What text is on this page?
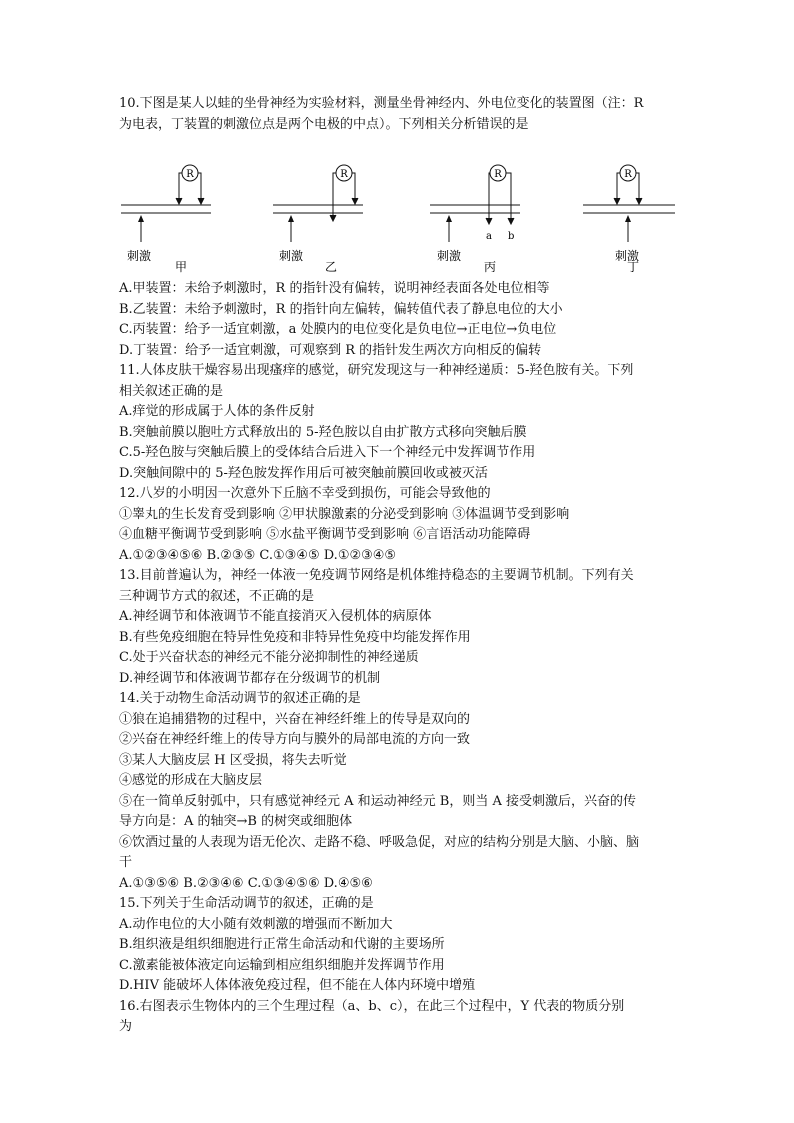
10.下图是某人以蛙的坐骨神经为实验材料，测量坐骨神经内、外电位变化的装置图（注：R
为电表，丁装置的刺激位点是两个电极的中点）。下列相关分析错误的是
R
刺激
甲
R
刺激
乙
R
a b
刺激
丙
R
刺激
丁
A.甲装置：未给予刺激时，R 的指针没有偏转，说明神经表面各处电位相等
B.乙装置：未给予刺激时，R 的指针向左偏转，偏转值代表了静息电位的大小
C.丙装置：给予一适宜刺激，a 处膜内的电位变化是负电位→正电位→负电位
D.丁装置：给予一适宜刺激，可观察到 R 的指针发生两次方向相反的偏转
11.人体皮肤干燥容易出现瘙痒的感觉，研究发现这与一种神经递质：5-羟色胺有关。下列
相关叙述正确的是
A.痒觉的形成属于人体的条件反射
B.突触前膜以胞吐方式释放出的 5-羟色胺以自由扩散方式移向突触后膜
C.5-羟色胺与突触后膜上的受体结合后进入下一个神经元中发挥调节作用
D.突触间隙中的 5-羟色胺发挥作用后可被突触前膜回收或被灭活
12.八岁的小明因一次意外下丘脑不幸受到损伤，可能会导致他的
①睾丸的生长发育受到影响 ②甲状腺激素的分泌受到影响 ③体温调节受到影响
④血糖平衡调节受到影响 ⑤水盐平衡调节受到影响 ⑥言语活动功能障碍
A.①②③④⑤⑥ B.②③⑤ C.①③④⑤ D.①②③④⑤
13.目前普遍认为，神经一体液一免疫调节网络是机体维持稳态的主要调节机制。下列有关
三种调节方式的叙述，不正确的是
A.神经调节和体液调节不能直接消灭入侵机体的病原体
B.有些免疫细胞在特异性免疫和非特异性免疫中均能发挥作用
C.处于兴奋状态的神经元不能分泌抑制性的神经递质
D.神经调节和体液调节都存在分级调节的机制
14.关于动物生命活动调节的叙述正确的是
①狼在追捕猎物的过程中，兴奋在神经纤维上的传导是双向的
②兴奋在神经纤维上的传导方向与膜外的局部电流的方向一致
③某人大脑皮层 H 区受损，将失去听觉
④感觉的形成在大脑皮层
⑤在一简单反射弧中，只有感觉神经元 A 和运动神经元 B，则当 A 接受刺激后，兴奋的传
导方向是：A 的轴突→B 的树突或细胞体
⑥饮酒过量的人表现为语无伦次、走路不稳、呼吸急促，对应的结构分别是大脑、小脑、脑
干
A.①③⑤⑥ B.②③④⑥ C.①③④⑤⑥ D.④⑤⑥
15.下列关于生命活动调节的叙述，正确的是
A.动作电位的大小随有效刺激的增强而不断加大
B.组织液是组织细胞进行正常生命活动和代谢的主要场所
C.激素能被体液定向运输到相应组织细胞并发挥调节作用
D.HIV 能破坏人体体液免疫过程，但不能在人体内环境中增殖
16.右图表示生物体内的三个生理过程（a、b、c），在此三个过程中，Y 代表的物质分别
为
